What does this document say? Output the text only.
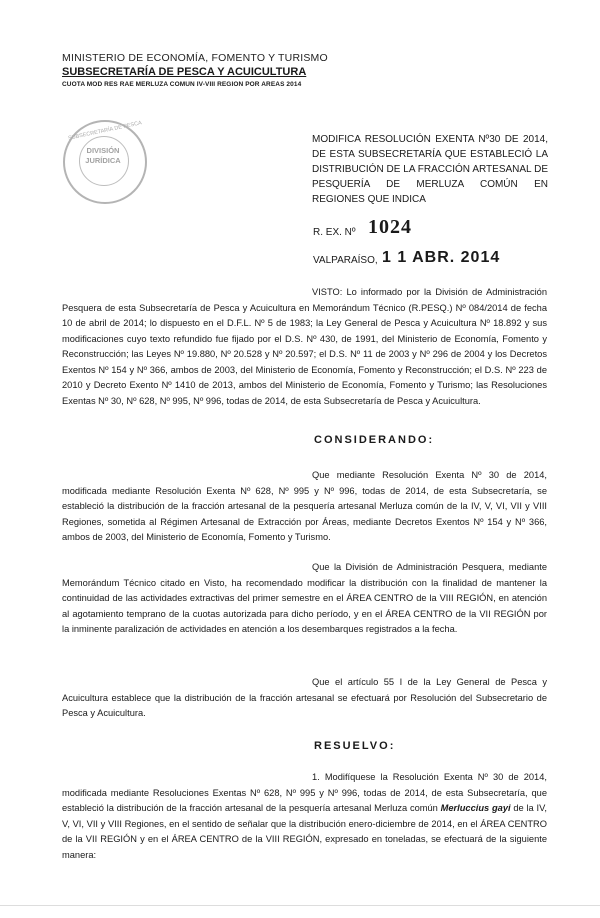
MINISTERIO DE ECONOMÍA, FOMENTO Y TURISMO
SUBSECRETARÍA DE PESCA Y ACUICULTURA
CUOTA MOD RES RAE MERLUZA COMUN IV-VIII REGION POR AREAS 2014
SUBSECRETARÍA DE PESCA
DIVISIÓN JURÍDICA
MODIFICA RESOLUCIÓN EXENTA Nº30 DE 2014, DE ESTA SUBSECRETARÍA QUE ESTABLECIÓ LA DISTRIBUCIÓN DE LA FRACCIÓN ARTESANAL DE PESQUERÍA DE MERLUZA COMÚN EN REGIONES QUE INDICA
R. EX. Nº 1024
VALPARAÍSO, 1 1 ABR. 2014
VISTO: Lo informado por la División de Administración Pesquera de esta Subsecretaría de Pesca y Acuicultura en Memorándum Técnico (R.PESQ.) Nº 084/2014 de fecha 10 de abril de 2014; lo dispuesto en el D.F.L. Nº 5 de 1983; la Ley General de Pesca y Acuicultura Nº 18.892 y sus modificaciones cuyo texto refundido fue fijado por el D.S. Nº 430, de 1991, del Ministerio de Economía, Fomento y Reconstrucción; las Leyes Nº 19.880, Nº 20.528 y Nº 20.597; el D.S. Nº 11 de 2003 y Nº 296 de 2004 y los Decretos Exentos Nº 154 y Nº 366, ambos de 2003, del Ministerio de Economía, Fomento y Reconstrucción; el D.S. Nº 223 de 2010 y Decreto Exento Nº 1410 de 2013, ambos del Ministerio de Economía, Fomento y Turismo; las Resoluciones Exentas Nº 30, Nº 628, Nº 995, Nº 996, todas de 2014, de esta Subsecretaría de Pesca y Acuicultura.
CONSIDERANDO:
Que mediante Resolución Exenta Nº 30 de 2014, modificada mediante Resolución Exenta Nº 628, Nº 995 y Nº 996, todas de 2014, de esta Subsecretaría, se estableció la distribución de la fracción artesanal de la pesquería artesanal Merluza común de la IV, V, VI, VII y VIII Regiones, sometida al Régimen Artesanal de Extracción por Áreas, mediante Decretos Exentos Nº 154 y Nº 366, ambos de 2003, del Ministerio de Economía, Fomento y Turismo.
Que la División de Administración Pesquera, mediante Memorándum Técnico citado en Visto, ha recomendado modificar la distribución con la finalidad de mantener la continuidad de las actividades extractivas del primer semestre en el ÁREA CENTRO de la VIII REGIÓN, en atención al agotamiento temprano de la cuotas autorizada para dicho período, y en el ÁREA CENTRO de la VII REGIÓN por la inminente paralización de actividades en atención a los desembarques registrados a la fecha.
Que el artículo 55 I de la Ley General de Pesca y Acuicultura establece que la distribución de la fracción artesanal se efectuará por Resolución del Subsecretario de Pesca y Acuicultura.
RESUELVO:
1. Modifíquese la Resolución Exenta Nº 30 de 2014, modificada mediante Resoluciones Exentas Nº 628, Nº 995 y Nº 996, todas de 2014, de esta Subsecretaría, que estableció la distribución de la fracción artesanal de la pesquería artesanal Merluza común Merluccius gayi de la IV, V, VI, VII y VIII Regiones, en el sentido de señalar que la distribución enero-diciembre de 2014, en el ÁREA CENTRO de la VII REGIÓN y en el ÁREA CENTRO de la VIII REGIÓN, expresado en toneladas, se efectuará de la siguiente manera:
